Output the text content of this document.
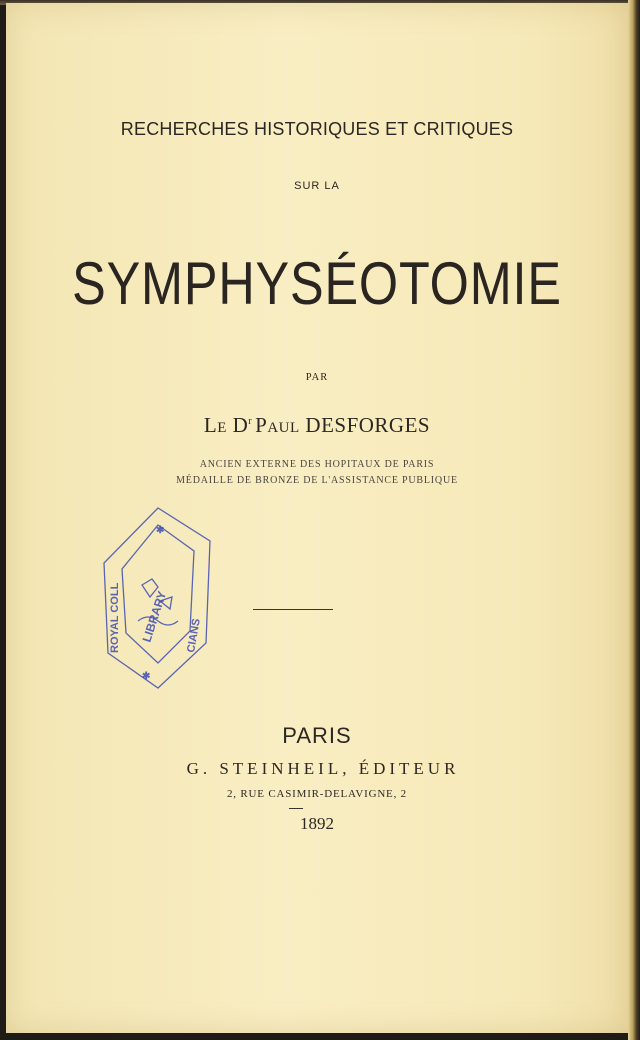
RECHERCHES HISTORIQUES ET CRITIQUES
SUR LA
SYMPHYSÉOTOMIE
PAR
Le $D^r$ Paul DESFORGES
ANCIEN EXTERNE DES HOPITAUX DE PARIS
MÉDAILLE DE BRONZE DE L'ASSISTANCE PUBLIQUE
ROYAL COLL LIBRARY CIANS
✱
✱
PARIS
G. STEINHEIL, ÉDITEUR
2, RUE CASIMIR-DELAVIGNE, 2
1892
